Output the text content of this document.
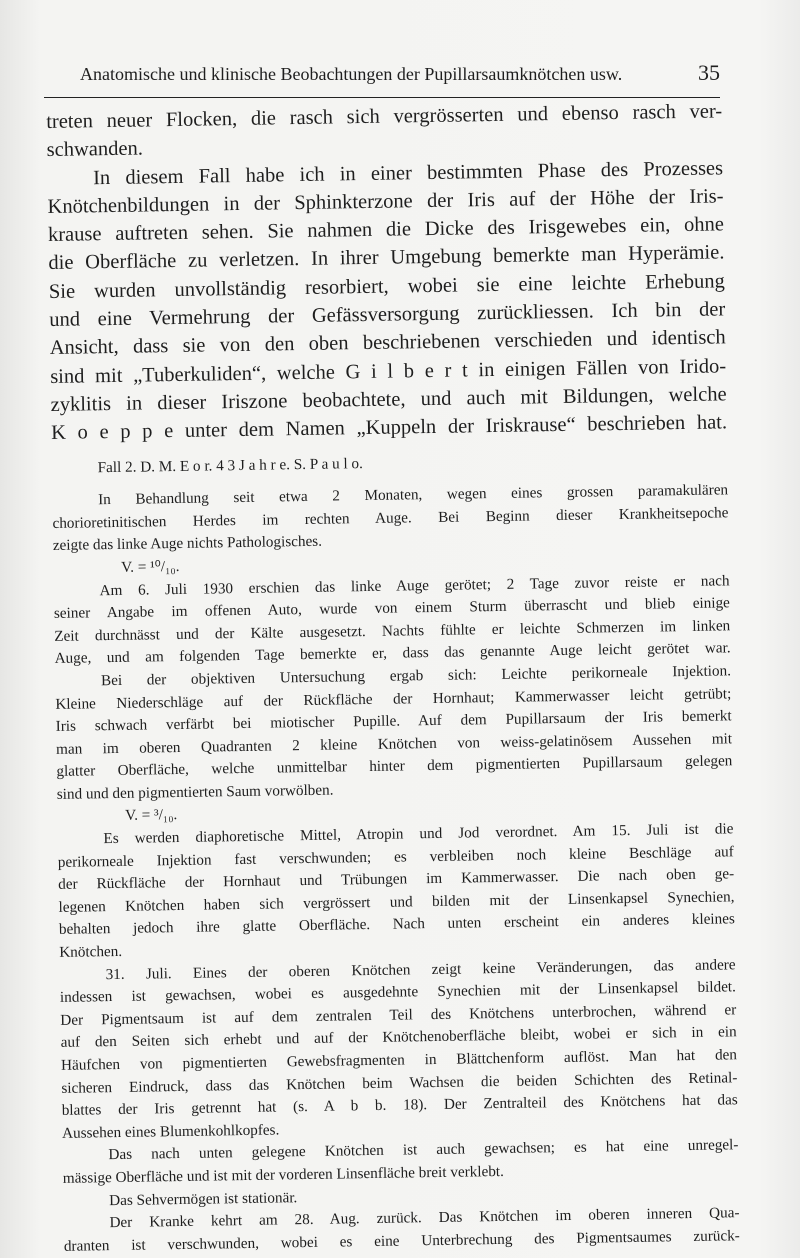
Anatomische und klinische Beobachtungen der Pupillarsaumknötchen usw.	35
treten neuer Flocken, die rasch sich vergrösserten und ebenso rasch ver-
schwanden.
In diesem Fall habe ich in einer bestimmten Phase des Prozesses
Knötchenbildungen in der Sphinkterzone der Iris auf der Höhe der Iris-
krause auftreten sehen. Sie nahmen die Dicke des Irisgewebes ein, ohne
die Oberfläche zu verletzen. In ihrer Umgebung bemerkte man Hyperämie.
Sie wurden unvollständig resorbiert, wobei sie eine leichte Erhebung
und eine Vermehrung der Gefässversorgung zurückliessen. Ich bin der
Ansicht, dass sie von den oben beschriebenen verschieden und identisch
sind mit „Tuberkuliden“, welche G i l b e r t in einigen Fällen von Irido-
zyklitis in dieser Iriszone beobachtete, und auch mit Bildungen, welche
K o e p p e unter dem Namen „Kuppeln der Iriskrause“ beschrieben hat.
Fall 2. D. M. E o r. 4 3 J a h r e. S. P a u l o.
In Behandlung seit etwa 2 Monaten, wegen eines grossen paramakulären
chorioretinitischen Herdes im rechten Auge. Bei Beginn dieser Krankheitsepoche
zeigte das linke Auge nichts Pathologisches.
V. = ¹⁰/₁₀.
Am 6. Juli 1930 erschien das linke Auge gerötet; 2 Tage zuvor reiste er nach
seiner Angabe im offenen Auto, wurde von einem Sturm überrascht und blieb einige
Zeit durchnässt und der Kälte ausgesetzt. Nachts fühlte er leichte Schmerzen im linken
Auge, und am folgenden Tage bemerkte er, dass das genannte Auge leicht gerötet war.
Bei der objektiven Untersuchung ergab sich: Leichte perikorneale Injektion.
Kleine Niederschläge auf der Rückfläche der Hornhaut; Kammerwasser leicht getrübt;
Iris schwach verfärbt bei miotischer Pupille. Auf dem Pupillarsaum der Iris bemerkt
man im oberen Quadranten 2 kleine Knötchen von weiss-gelatinösem Aussehen mit
glatter Oberfläche, welche unmittelbar hinter dem pigmentierten Pupillarsaum gelegen
sind und den pigmentierten Saum vorwölben.
V. = ³/₁₀.
Es werden diaphoretische Mittel, Atropin und Jod verordnet. Am 15. Juli ist die
perikorneale Injektion fast verschwunden; es verbleiben noch kleine Beschläge auf
der Rückfläche der Hornhaut und Trübungen im Kammerwasser. Die nach oben ge-
legenen Knötchen haben sich vergrössert und bilden mit der Linsenkapsel Synechien,
behalten jedoch ihre glatte Oberfläche. Nach unten erscheint ein anderes kleines
Knötchen.
31. Juli. Eines der oberen Knötchen zeigt keine Veränderungen, das andere
indessen ist gewachsen, wobei es ausgedehnte Synechien mit der Linsenkapsel bildet.
Der Pigmentsaum ist auf dem zentralen Teil des Knötchens unterbrochen, während er
auf den Seiten sich erhebt und auf der Knötchenoberfläche bleibt, wobei er sich in ein
Häufchen von pigmentierten Gewebsfragmenten in Blättchenform auflöst. Man hat den
sicheren Eindruck, dass das Knötchen beim Wachsen die beiden Schichten des Retinal-
blattes der Iris getrennt hat (s. A b b. 18). Der Zentralteil des Knötchens hat das
Aussehen eines Blumenkohlkopfes.
Das nach unten gelegene Knötchen ist auch gewachsen; es hat eine unregel-
mässige Oberfläche und ist mit der vorderen Linsenfläche breit verklebt.
Das Sehvermögen ist stationär.
Der Kranke kehrt am 28. Aug. zurück. Das Knötchen im oberen inneren Qua-
dranten ist verschwunden, wobei es eine Unterbrechung des Pigmentsaumes zurück-
